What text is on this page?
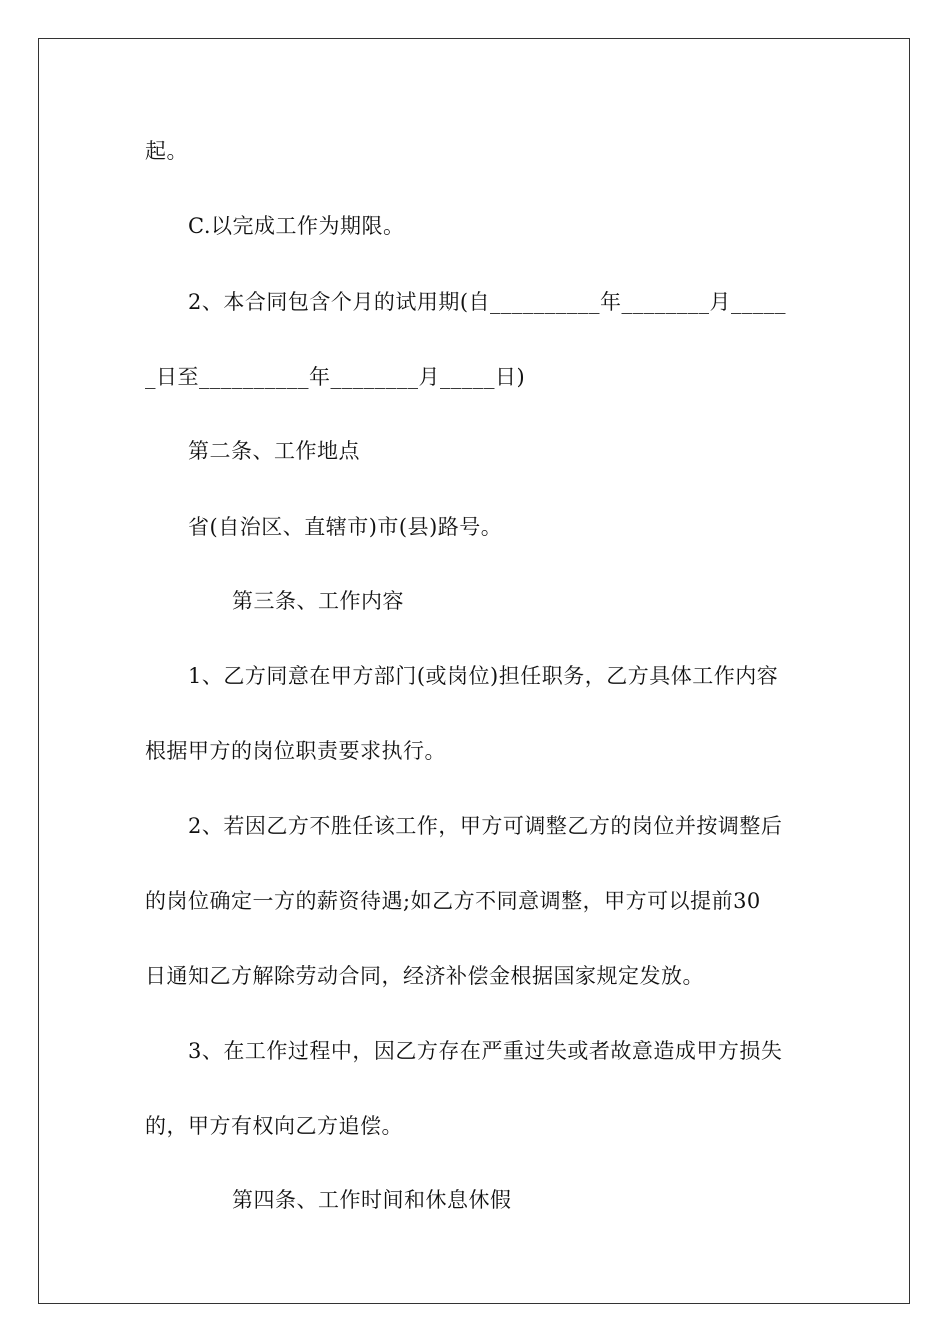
起。
C.以完成工作为期限。
2、本合同包含个月的试用期(自__________年________月_____
_日至__________年________月_____日)
第二条、工作地点
省(自治区、直辖市)市(县)路号。
第三条、工作内容
1、乙方同意在甲方部门(或岗位)担任职务，乙方具体工作内容
根据甲方的岗位职责要求执行。
2、若因乙方不胜任该工作，甲方可调整乙方的岗位并按调整后
的岗位确定一方的薪资待遇;如乙方不同意调整，甲方可以提前30
日通知乙方解除劳动合同，经济补偿金根据国家规定发放。
3、在工作过程中，因乙方存在严重过失或者故意造成甲方损失
的，甲方有权向乙方追偿。
第四条、工作时间和休息休假
